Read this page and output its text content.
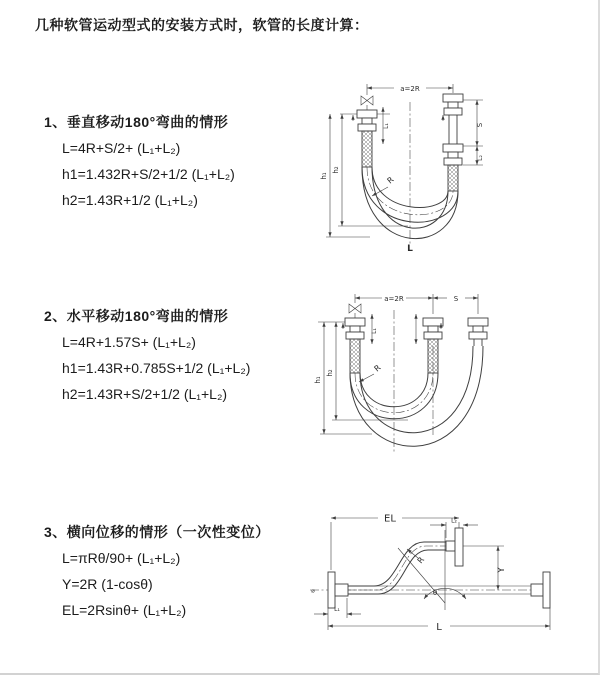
几种软管运动型式的安装方式时，软管的长度计算：
1、垂直移动180°弯曲的情形
L=4R+S/2+ (L₁+L₂)
h1=1.432R+S/2+1/2 (L₁+L₂)
h2=1.43R+1/2 (L₁+L₂)
a=2R
R
h₁
h₂
L₁	S
L₂
L
2、水平移动180°弯曲的情形
L=4R+1.57S+ (L₁+L₂)
h1=1.43R+0.785S+1/2 (L₁+L₂)
h2=1.43R+S/2+1/2 (L₁+L₂)
a=2R	S
R
h₁
h₂
L₁
3、横向位移的情形（一次性变位）
L=πRθ/90+ (L₁+L₂)
Y=2R (1-cosθ)
EL=2Rsinθ+ (L₁+L₂)
⌀
EL	L₂
Y
θ
R
L₁
L
